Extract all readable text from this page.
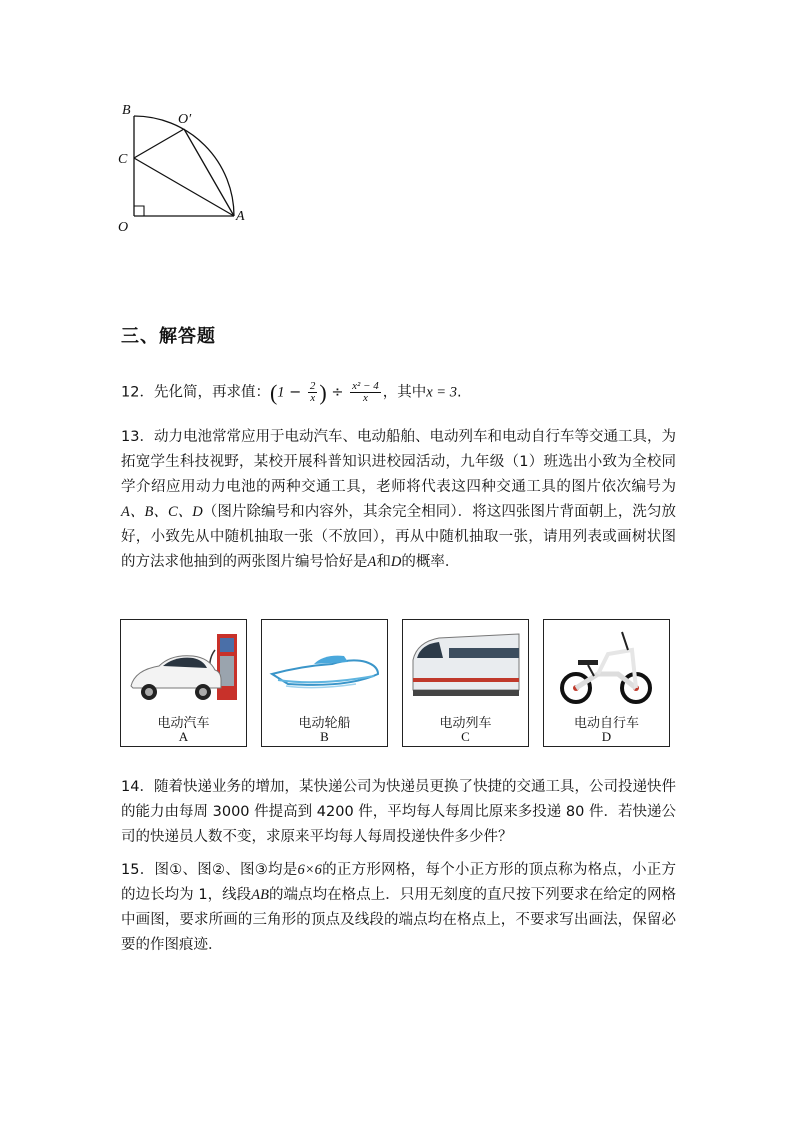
B
O′
C
O
A
三、解答题
12．先化简，再求值：($1 - \frac{2}{x}$ ) ÷ $\frac{\text{x² − 4}}{x}$ ，其中x = 3.
13．动力电池常常应用于电动汽车、电动船舶、电动列车和电动自行车等交通工具，为拓宽学生科技视野，某校开展科普知识进校园活动，九年级（1）班选出小致为全校同学介绍应用动力电池的两种交通工具，老师将代表这四种交通工具的图片依次编号为A、B、C、D（图片除编号和内容外，其余完全相同）．将这四张图片背面朝上，洗匀放好，小致先从中随机抽取一张（不放回），再从中随机抽取一张，请用列表或画树状图的方法求他抽到的两张图片编号恰好是A和D的概率．
电动汽车
A
电动轮船
B
电动列车
C
电动自行车
D
14．随着快递业务的增加，某快递公司为快递员更换了快捷的交通工具，公司投递快件的能力由每周 3000 件提高到 4200 件，平均每人每周比原来多投递 80 件．若快递公司的快递员人数不变，求原来平均每人每周投递快件多少件？
15．图①、图②、图③均是6×6的正方形网格，每个小正方形的顶点称为格点，小正方的边长均为 1，线段AB的端点均在格点上．只用无刻度的直尺按下列要求在给定的网格中画图，要求所画的三角形的顶点及线段的端点均在格点上，不要求写出画法，保留必要的作图痕迹．
